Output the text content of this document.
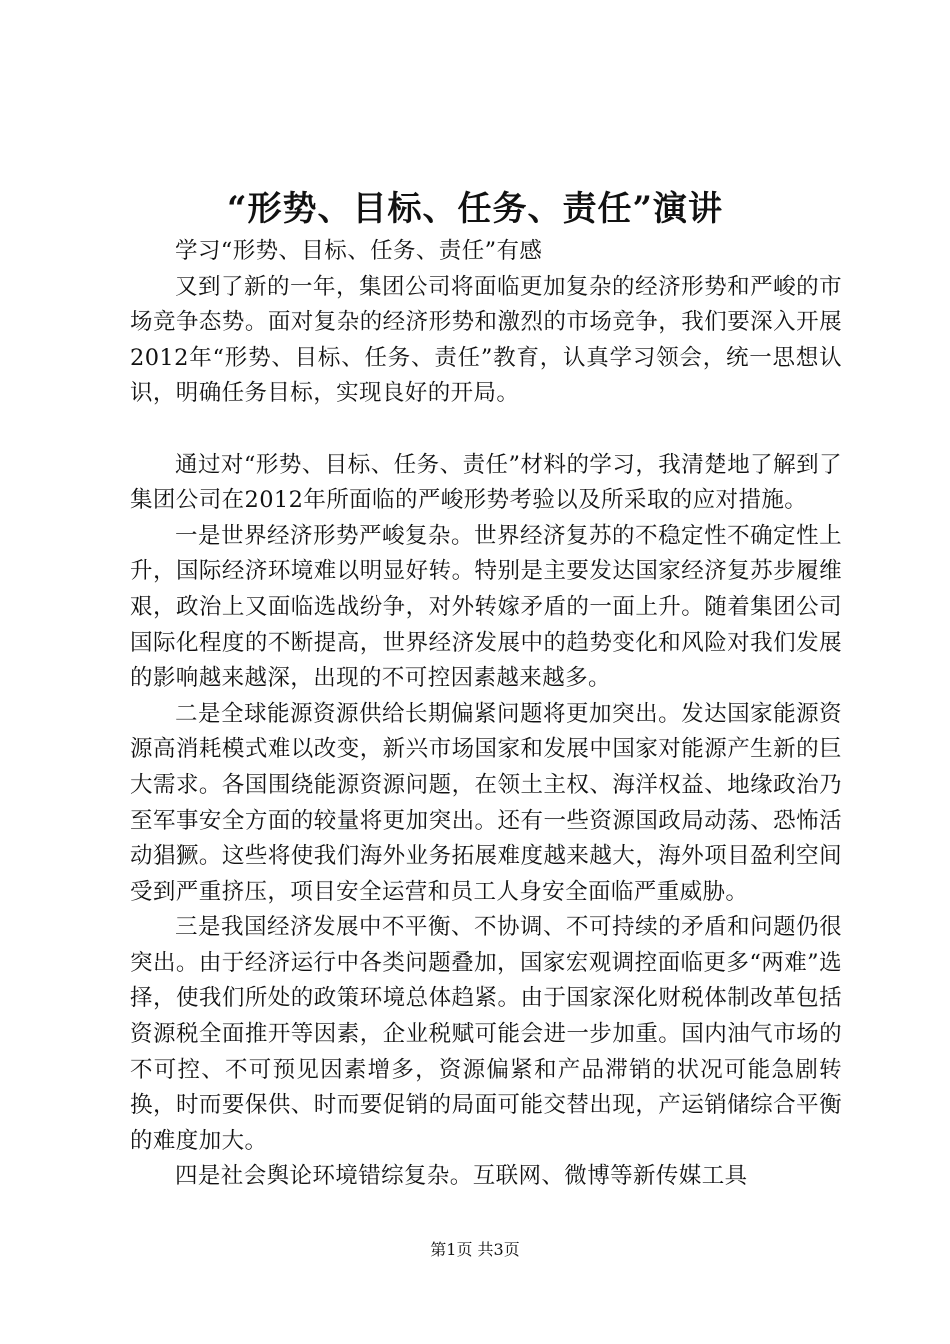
“形势、目标、任务、责任”演讲

学习“形势、目标、任务、责任”有感

又到了新的一年，集团公司将面临更加复杂的经济形势和严峻的市场竞争态势。面对复杂的经济形势和激烈的市场竞争，我们要深入开展2012年“形势、目标、任务、责任”教育，认真学习领会，统一思想认识，明确任务目标，实现良好的开局。

通过对“形势、目标、任务、责任”材料的学习，我清楚地了解到了集团公司在2012年所面临的严峻形势考验以及所采取的应对措施。

一是世界经济形势严峻复杂。世界经济复苏的不稳定性不确定性上升，国际经济环境难以明显好转。特别是主要发达国家经济复苏步履维艰，政治上又面临选战纷争，对外转嫁矛盾的一面上升。随着集团公司国际化程度的不断提高，世界经济发展中的趋势变化和风险对我们发展的影响越来越深，出现的不可控因素越来越多。

二是全球能源资源供给长期偏紧问题将更加突出。发达国家能源资源高消耗模式难以改变，新兴市场国家和发展中国家对能源产生新的巨大需求。各国围绕能源资源问题，在领土主权、海洋权益、地缘政治乃至军事安全方面的较量将更加突出。还有一些资源国政局动荡、恐怖活动猖獗。这些将使我们海外业务拓展难度越来越大，海外项目盈利空间受到严重挤压，项目安全运营和员工人身安全面临严重威胁。

三是我国经济发展中不平衡、不协调、不可持续的矛盾和问题仍很突出。由于经济运行中各类问题叠加，国家宏观调控面临更多“两难”选择，使我们所处的政策环境总体趋紧。由于国家深化财税体制改革包括资源税全面推开等因素，企业税赋可能会进一步加重。国内油气市场的不可控、不可预见因素增多，资源偏紧和产品滞销的状况可能急剧转换，时而要保供、时而要促销的局面可能交替出现，产运销储综合平衡的难度加大。

四是社会舆论环境错综复杂。互联网、微博等新传媒工具

第1页 共3页
